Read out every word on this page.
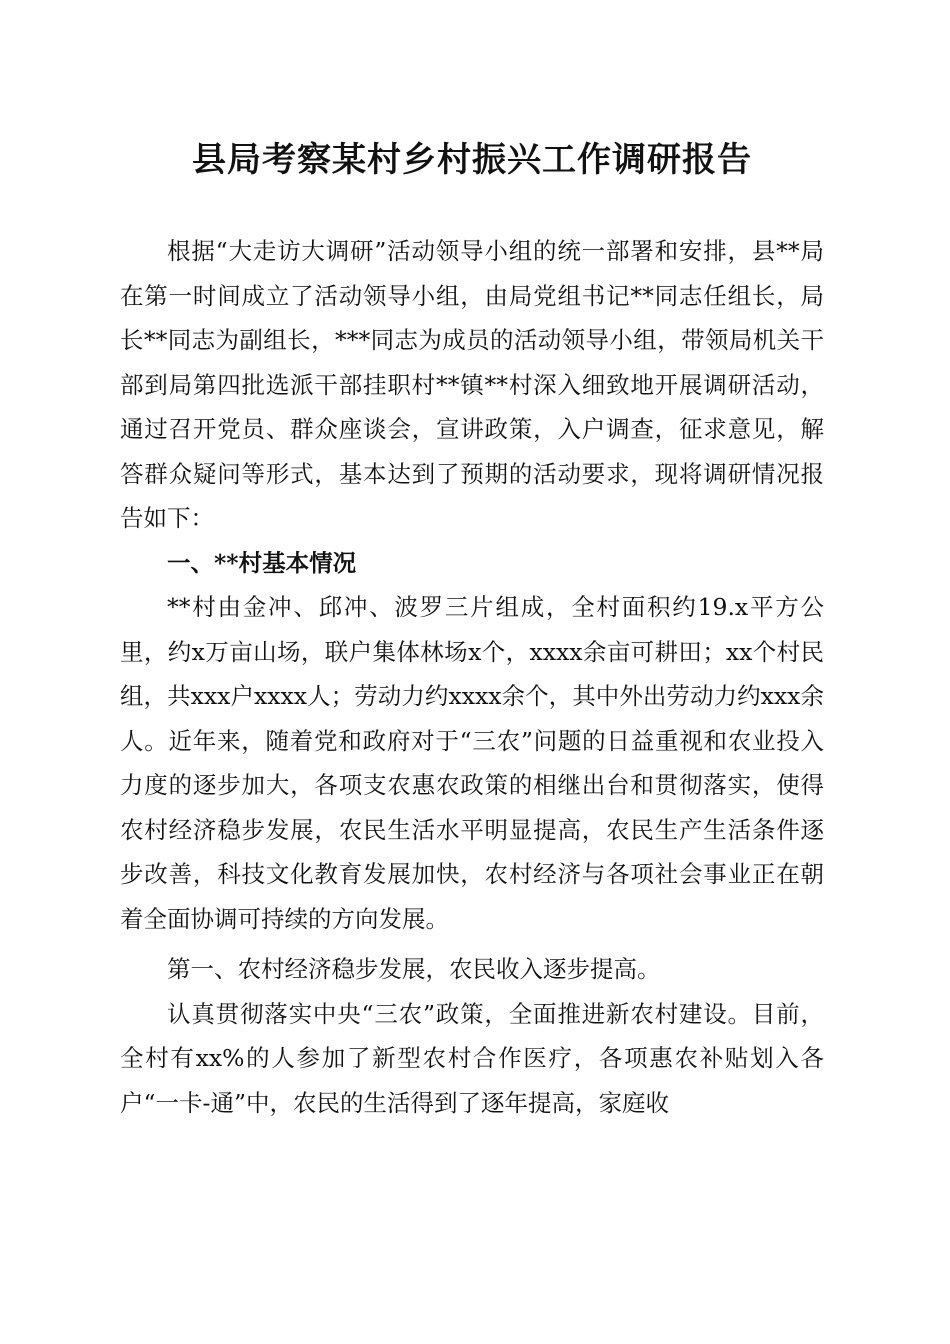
县局考察某村乡村振兴工作调研报告

根据“大走访大调研”活动领导小组的统一部署和安排，县**局在第一时间成立了活动领导小组，由局党组书记**同志任组长，局长**同志为副组长，***同志为成员的活动领导小组，带领局机关干部到局第四批选派干部挂职村**镇**村深入细致地开展调研活动，通过召开党员、群众座谈会，宣讲政策，入户调查，征求意见，解答群众疑问等形式，基本达到了预期的活动要求，现将调研情况报告如下：

一、**村基本情况

**村由金冲、邱冲、波罗三片组成，全村面积约19.x平方公里，约x万亩山场，联户集体林场x个，xxxx余亩可耕田；xx个村民组，共xxx户xxxx人；劳动力约xxxx余个，其中外出劳动力约xxx余人。近年来，随着党和政府对于“三农”问题的日益重视和农业投入力度的逐步加大，各项支农惠农政策的相继出台和贯彻落实，使得农村经济稳步发展，农民生活水平明显提高，农民生产生活条件逐步改善，科技文化教育发展加快，农村经济与各项社会事业正在朝着全面协调可持续的方向发展。

第一、农村经济稳步发展，农民收入逐步提高。

认真贯彻落实中央“三农”政策，全面推进新农村建设。目前，全村有xx%的人参加了新型农村合作医疗，各项惠农补贴划入各户“一卡-通”中，农民的生活得到了逐年提高，家庭收
